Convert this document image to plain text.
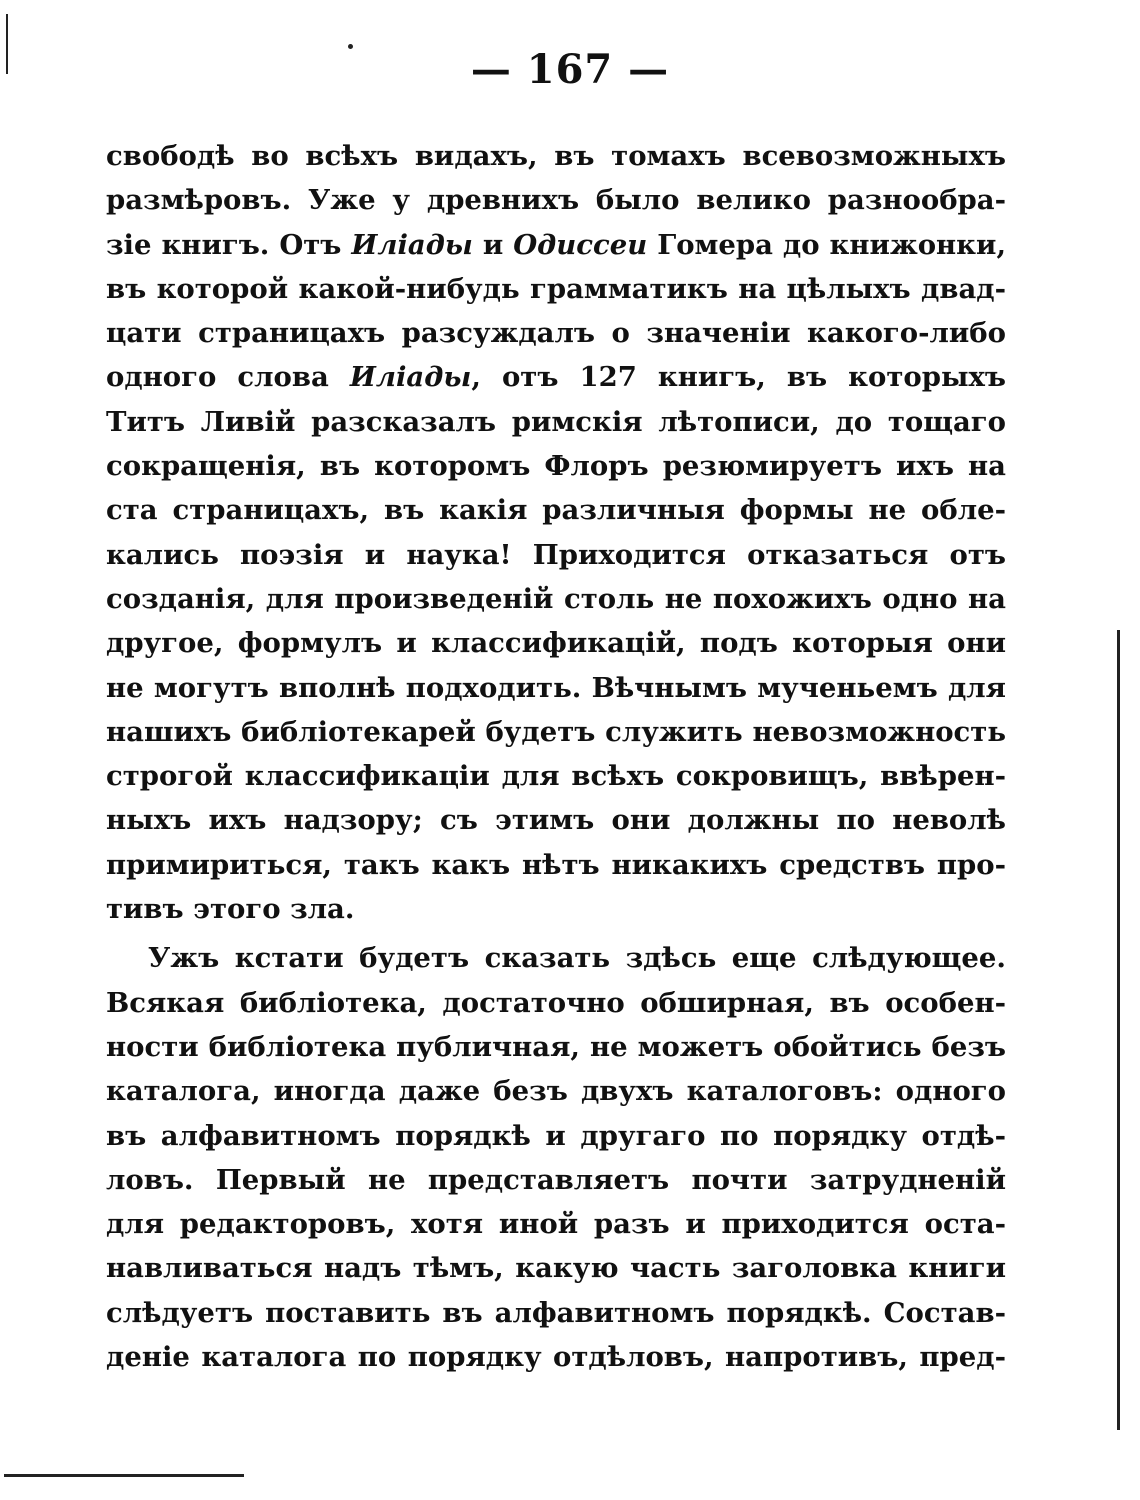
— 167 —
свободѣ во всѣхъ видахъ, въ томахъ всевозможныхъ
размѣровъ. Уже у древнихъ было велико разнообра-
зіе книгъ. Отъ Иліады и Одиссеи Гомера до книжонки,
въ которой какой-нибудь грамматикъ на цѣлыхъ двад-
цати страницахъ разсуждалъ о значеніи какого-либо
одного слова Иліады, отъ 127 книгъ, въ которыхъ
Титъ Ливій разсказалъ римскія лѣтописи, до тощаго
сокращенія, въ которомъ Флоръ резюмируетъ ихъ на
ста страницахъ, въ какія различныя формы не обле-
кались поэзія и наука! Приходится отказаться отъ
созданія, для произведеній столь не похожихъ одно на
другое, формулъ и классификацій, подъ которыя они
не могутъ вполнѣ подходить. Вѣчнымъ мученьемъ для
нашихъ библіотекарей будетъ служить невозможность
строгой классификаціи для всѣхъ сокровищъ, ввѣрен-
ныхъ ихъ надзору; съ этимъ они должны по неволѣ
примириться, такъ какъ нѣтъ никакихъ средствъ про-
тивъ этого зла.
Ужъ кстати будетъ сказать здѣсь еще слѣдующее.
Всякая библіотека, достаточно обширная, въ особен-
ности библіотека публичная, не можетъ обойтись безъ
каталога, иногда даже безъ двухъ каталоговъ: одного
въ алфавитномъ порядкѣ и другаго по порядку отдѣ-
ловъ. Первый не представляетъ почти затрудненій
для редакторовъ, хотя иной разъ и приходится оста-
навливаться надъ тѣмъ, какую часть заголовка книги
слѣдуетъ поставить въ алфавитномъ порядкѣ. Состав-
деніе каталога по порядку отдѣловъ, напротивъ, пред-
